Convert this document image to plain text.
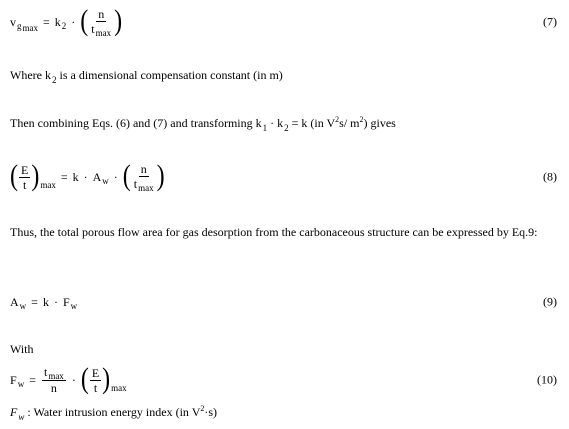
v gmax = k 2 · ( $\frac{n}{t_{max}}$ )	(7)
Where $k_2$ is a dimensional compensation constant (in m)
Then combining Eqs. (6) and (7) and transforming $k_1 \cdot k_2 = k$ (in $V^2s/$ $m^2$) gives
( $\frac{E}{t}$ ) max
= k · A w · ( $\frac{n}{t_{max}}$ )	(8)
Thus, the total porous flow area for gas desorption from the carbonaceous structure can be expressed by Eq.9:
A w = k · F w	(9)
With
F $w = \frac{t_{max}}{n}$ · ( $\frac{E}{t}$ ) max
(10)
$F_w$ : Water intrusion energy index (in $V^2\cdot s$)
